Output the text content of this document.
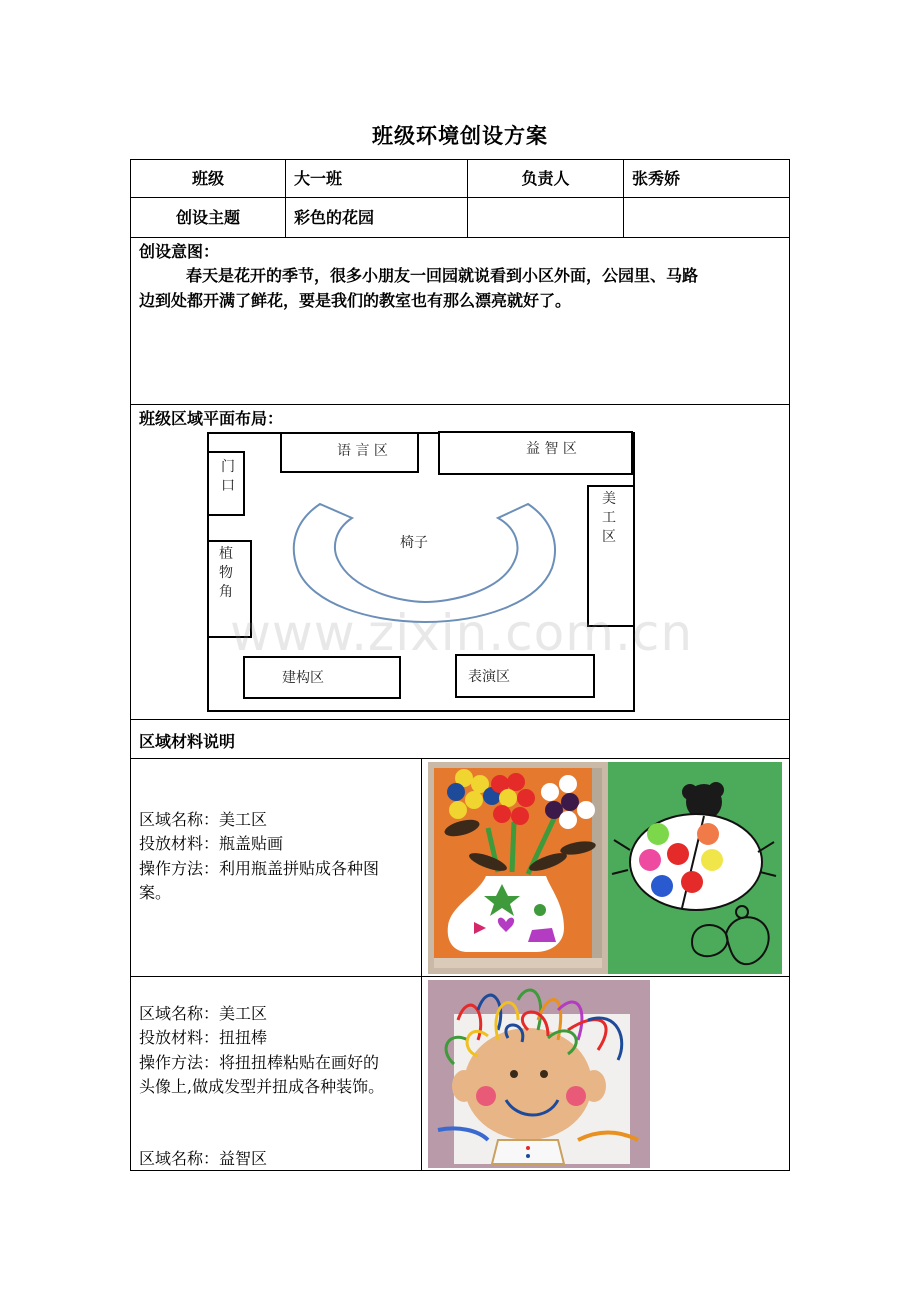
班级环境创设方案
班级	大一班	负责人	张秀娇
创设主题	彩色的花园
创设意图：
春天是花开的季节，很多小朋友一回园就说看到小区外面，公园里、马路
边到处都开满了鲜花，要是我们的教室也有那么漂亮就好了。
班级区域平面布局：
语 言 区	益 智 区
门
口
美
工
区
植
物
角
椅子
建构区	表演区
区域材料说明
区域名称：美工区
投放材料：瓶盖贴画
操作方法：利用瓶盖拼贴成各种图
案。
区域名称：美工区
投放材料：扭扭棒
操作方法：将扭扭棒粘贴在画好的
头像上,做成发型并扭成各种装饰。
区域名称：益智区
www.zixin.com.cn
